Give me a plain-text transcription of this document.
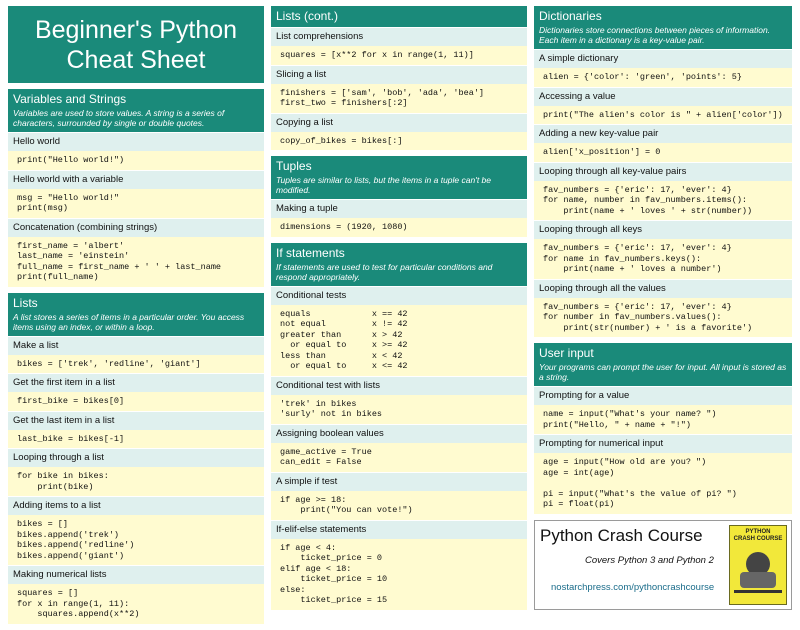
Beginner's Python
Cheat Sheet
Variables and Strings
Variables are used to store values. A string is a series of characters, surrounded by single or double quotes.
Hello world
print("Hello world!")
Hello world with a variable
msg = "Hello world!"
print(msg)
Concatenation (combining strings)
first_name = 'albert'
last_name = 'einstein'
full_name = first_name + ' ' + last_name
print(full_name)
Lists
A list stores a series of items in a particular order. You access items using an index, or within a loop.
Make a list
bikes = ['trek', 'redline', 'giant']
Get the first item in a list
first_bike = bikes[0]
Get the last item in a list
last_bike = bikes[-1]
Looping through a list
for bike in bikes:
print(bike)
Adding items to a list
bikes = []
bikes.append('trek')
bikes.append('redline')
bikes.append('giant')
Making numerical lists
squares = []
for x in range(1, 11):
squares.append(x**2)
Lists (cont.)
List comprehensions
squares = [x**2 for x in range(1, 11)]
Slicing a list
finishers = ['sam', 'bob', 'ada', 'bea']
first_two = finishers[:2]
Copying a list
copy_of_bikes = bikes[:]
Tuples
Tuples are similar to lists, but the items in a tuple can't be modified.
Making a tuple
dimensions = (1920, 1080)
If statements
If statements are used to test for particular conditions and respond appropriately.
Conditional tests
equals            x == 42
not equal         x != 42
greater than      x > 42
or equal to     x >= 42
less than         x < 42
or equal to     x <= 42
Conditional test with lists
'trek' in bikes
'surly' not in bikes
Assigning boolean values
game_active = True
can_edit = False
A simple if test
if age >= 18:
print("You can vote!")
If-elif-else statements
if age < 4:
ticket_price = 0
elif age < 18:
ticket_price = 10
else:
ticket_price = 15
Dictionaries
Dictionaries store connections between pieces of information. Each item in a dictionary is a key-value pair.
A simple dictionary
alien = {'color': 'green', 'points': 5}
Accessing a value
print("The alien's color is " + alien['color'])
Adding a new key-value pair
alien['x_position'] = 0
Looping through all key-value pairs
fav_numbers = {'eric': 17, 'ever': 4}
for name, number in fav_numbers.items():
print(name + ' loves ' + str(number))
Looping through all keys
fav_numbers = {'eric': 17, 'ever': 4}
for name in fav_numbers.keys():
print(name + ' loves a number')
Looping through all the values
fav_numbers = {'eric': 17, 'ever': 4}
for number in fav_numbers.values():
print(str(number) + ' is a favorite')
User input
Your programs can prompt the user for input. All input is stored as a string.
Prompting for a value
name = input("What's your name? ")
print("Hello, " + name + "!")
Prompting for numerical input
age = input("How old are you? ")
age = int(age)

pi = input("What's the value of pi? ")
pi = float(pi)
Python Crash Course
Covers Python 3 and Python 2
nostarchpress.com/pythoncrashcourse
PYTHON
CRASH COURSE
